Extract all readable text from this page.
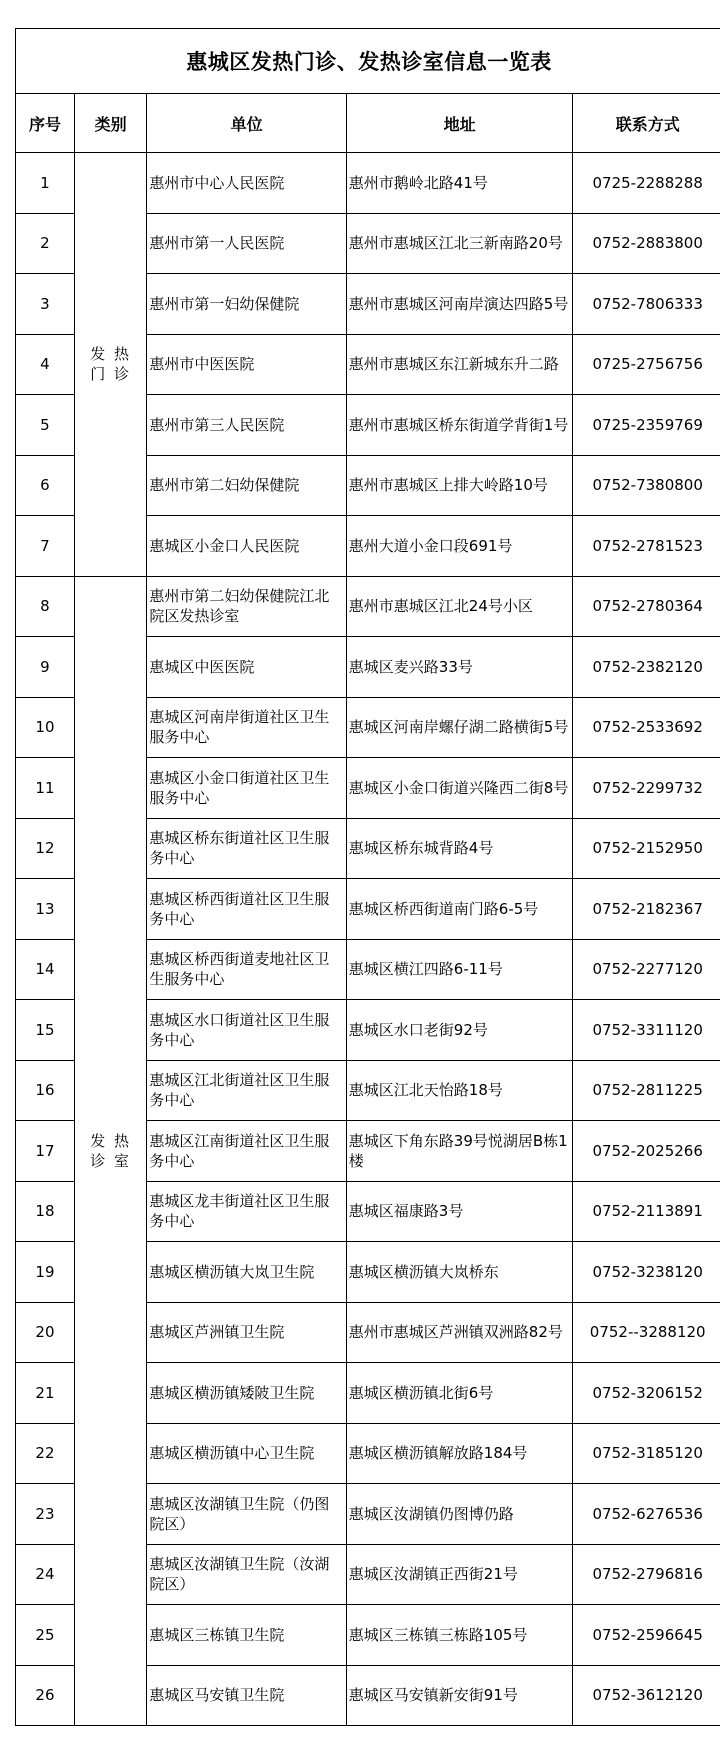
惠城区发热门诊、发热诊室信息一览表				
序号	类别	单位	地址	联系方式
1	发 热 门 诊	惠州市中心人民医院	惠州市鹅岭北路41号	0725-2288288
2		惠州市第一人民医院	惠州市惠城区江北三新南路20号	0752-2883800
3		惠州市第一妇幼保健院	惠州市惠城区河南岸演达四路5号	0752-7806333
4		惠州市中医医院	惠州市惠城区东江新城东升二路	0725-2756756
5		惠州市第三人民医院	惠州市惠城区桥东街道学背街1号	0725-2359769
6		惠州市第二妇幼保健院	惠州市惠城区上排大岭路10号	0752-7380800
7		惠城区小金口人民医院	惠州大道小金口段691号	0752-2781523
8	发 热 诊 室	惠州市第二妇幼保健院江北院区发热诊室	惠州市惠城区江北24号小区	0752-2780364
9		惠城区中医医院	惠城区麦兴路33号	0752-2382120
10		惠城区河南岸街道社区卫生服务中心	惠城区河南岸螺仔湖二路横街5号	0752-2533692
11		惠城区小金口街道社区卫生服务中心	惠城区小金口街道兴隆西二街8号	0752-2299732
12		惠城区桥东街道社区卫生服务中心	惠城区桥东城背路4号	0752-2152950
13		惠城区桥西街道社区卫生服务中心	惠城区桥西街道南门路6-5号	0752-2182367
14		惠城区桥西街道麦地社区卫生服务中心	惠城区横江四路6-11号	0752-2277120
15		惠城区水口街道社区卫生服务中心	惠城区水口老街92号	0752-3311120
16		惠城区江北街道社区卫生服务中心	惠城区江北天怡路18号	0752-2811225
17		惠城区江南街道社区卫生服务中心	惠城区下角东路39号悦湖居B栋1楼	0752-2025266
18		惠城区龙丰街道社区卫生服务中心	惠城区福康路3号	0752-2113891
19		惠城区横沥镇大岚卫生院	惠城区横沥镇大岚桥东	0752-3238120
20		惠城区芦洲镇卫生院	惠州市惠城区芦洲镇双洲路82号	0752--3288120
21		惠城区横沥镇矮陂卫生院	惠城区横沥镇北街6号	0752-3206152
22		惠城区横沥镇中心卫生院	惠城区横沥镇解放路184号	0752-3185120
23		惠城区汝湖镇卫生院（仍图院区）	惠城区汝湖镇仍图博仍路	0752-6276536
24		惠城区汝湖镇卫生院（汝湖院区）	惠城区汝湖镇正西街21号	0752-2796816
25		惠城区三栋镇卫生院	惠城区三栋镇三栋路105号	0752-2596645
26		惠城区马安镇卫生院	惠城区马安镇新安街91号	0752-3612120
